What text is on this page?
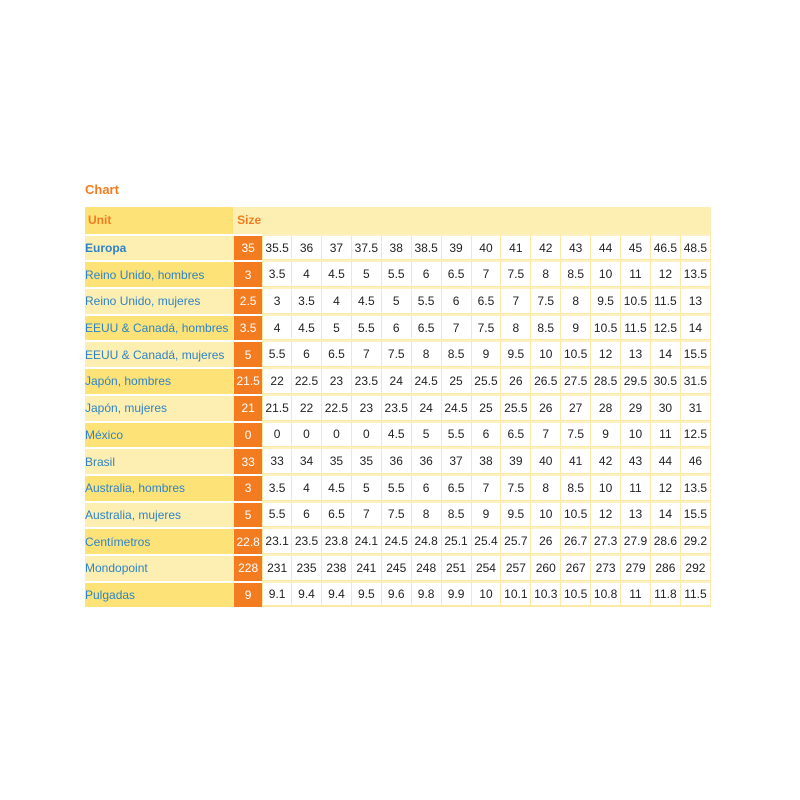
Chart
Unit	Size															
Europa	35	35.5	36	37	37.5	38	38.5	39	40	41	42	43	44	45	46.5	48.5
Reino Unido, hombres	3	3.5	4	4.5	5	5.5	6	6.5	7	7.5	8	8.5	10	11	12	13.5
Reino Unido, mujeres	2.5	3	3.5	4	4.5	5	5.5	6	6.5	7	7.5	8	9.5	10.5	11.5	13
EEUU & Canadá, hombres	3.5	4	4.5	5	5.5	6	6.5	7	7.5	8	8.5	9	10.5	11.5	12.5	14
EEUU & Canadá, mujeres	5	5.5	6	6.5	7	7.5	8	8.5	9	9.5	10	10.5	12	13	14	15.5
Japón, hombres	21.5	22	22.5	23	23.5	24	24.5	25	25.5	26	26.5	27.5	28.5	29.5	30.5	31.5
Japón, mujeres	21	21.5	22	22.5	23	23.5	24	24.5	25	25.5	26	27	28	29	30	31
México	0	0	0	0	0	4.5	5	5.5	6	6.5	7	7.5	9	10	11	12.5
Brasil	33	33	34	35	35	36	36	37	38	39	40	41	42	43	44	46
Australia, hombres	3	3.5	4	4.5	5	5.5	6	6.5	7	7.5	8	8.5	10	11	12	13.5
Australia, mujeres	5	5.5	6	6.5	7	7.5	8	8.5	9	9.5	10	10.5	12	13	14	15.5
Centímetros	22.8	23.1	23.5	23.8	24.1	24.5	24.8	25.1	25.4	25.7	26	26.7	27.3	27.9	28.6	29.2
Mondopoint	228	231	235	238	241	245	248	251	254	257	260	267	273	279	286	292
Pulgadas	9	9.1	9.4	9.4	9.5	9.6	9.8	9.9	10	10.1	10.3	10.5	10.8	11	11.8	11.5
